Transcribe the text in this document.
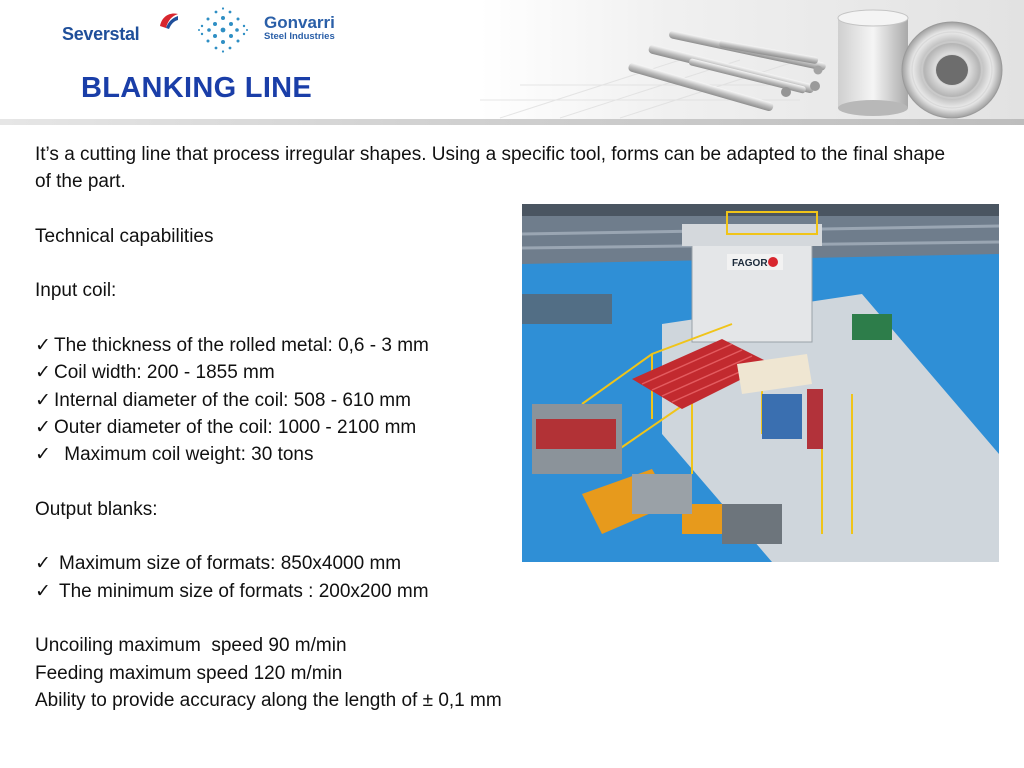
Severstal
Gonvarri
Steel Industries
BLANKING LINE

It’s a cutting line that process irregular shapes. Using a specific tool, forms can be adapted to the final shape of the part.

Technical capabilities

Input coil:

✓ The thickness of the rolled metal: 0,6 - 3 mm
✓ Coil width: 200 - 1855 mm
✓ Internal diameter of the coil: 508 - 610 mm
✓ Outer diameter of the coil: 1000 - 2100 mm
✓ Maximum coil weight: 30 tons

Output blanks:

✓ Maximum size of formats: 850x4000 mm
✓ The minimum size of formats : 200x200 mm

Uncoiling maximum  speed 90 m/min

Feeding maximum speed 120 m/min

Ability to provide accuracy along the length of ± 0,1 mm

FAGOR
